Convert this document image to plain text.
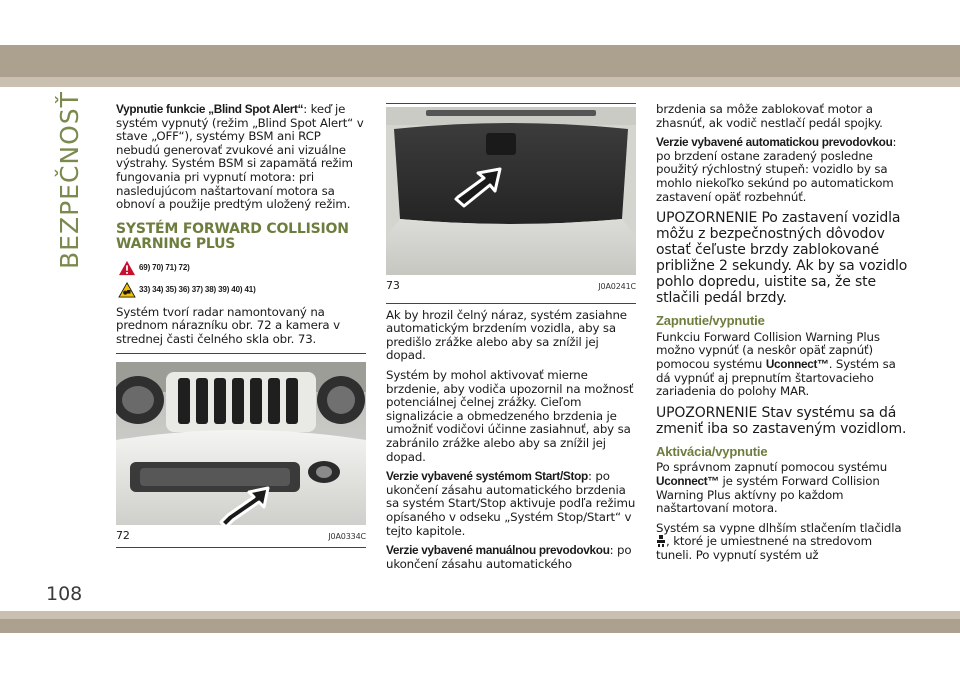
BEZPEČNOSŤ	Vypnutie funkcie „Blind Spot Alert“: keď je systém vypnutý (režim „Blind Spot Alert“ v stave „OFF“), systémy BSM ani RCP nebudú generovať zvukové ani vizuálne výstrahy. Systém BSM si zapamätá režim fungovania pri vypnutí motora: pri nasledujúcom naštartovaní motora sa obnoví a použije predtým uložený režim.

SYSTÉM FORWARD COLLISION
WARNING PLUS
69) 70) 71) 72)
33) 34) 35) 36) 37) 38) 39) 40) 41)

Systém tvorí radar namontovaný na prednom nárazníku obr. 72 a kamera v strednej časti čelného skla obr. 73.

72	J0A0334C
73	J0A0241C

Ak by hrozil čelný náraz, systém zasiahne automatickým brzdením vozidla, aby sa predišlo zrážke alebo aby sa znížil jej dopad.

Systém by mohol aktivovať mierne brzdenie, aby vodiča upozornil na možnosť potenciálnej čelnej zrážky. Cieľom signalizácie a obmedzeného brzdenia je umožniť vodičovi účinne zasiahnuť, aby sa zabránilo zrážke alebo aby sa znížil jej dopad.

Verzie vybavené systémom Start/Stop: po ukončení zásahu automatického brzdenia sa systém Start/Stop aktivuje podľa režimu opísaného v odseku „Systém Stop/Start“ v tejto kapitole.

Verzie vybavené manuálnou prevodovkou: po ukončení zásahu automatického

brzdenia sa môže zablokovať motor a zhasnúť, ak vodič nestlačí pedál spojky.

Verzie vybavené automatickou prevodovkou: po brzdení ostane zaradený posledne použitý rýchlostný stupeň: vozidlo by sa mohlo niekoľko sekúnd po automatickom zastavení opäť rozbehnúť.

UPOZORNENIE Po zastavení vozidla môžu z bezpečnostných dôvodov ostať čeľuste brzdy zablokované približne 2 sekundy. Ak by sa vozidlo pohlo dopredu, uistite sa, že ste stlačili pedál brzdy.
Zapnutie/vypnutie

Funkciu Forward Collision Warning Plus možno vypnúť (a neskôr opäť zapnúť) pomocou systému Uconnect™. Systém sa dá vypnúť aj prepnutím štartovacieho zariadenia do polohy MAR.

UPOZORNENIE Stav systému sa dá zmeniť iba so zastaveným vozidlom.
Aktivácia/vypnutie

Po správnom zapnutí pomocou systému Uconnect™ je systém Forward Collision Warning Plus aktívny po každom naštartovaní motora.

Systém sa vypne dlhším stlačením tlačidla, ktoré je umiestnené na stredovom tuneli. Po vypnutí systém už

108
